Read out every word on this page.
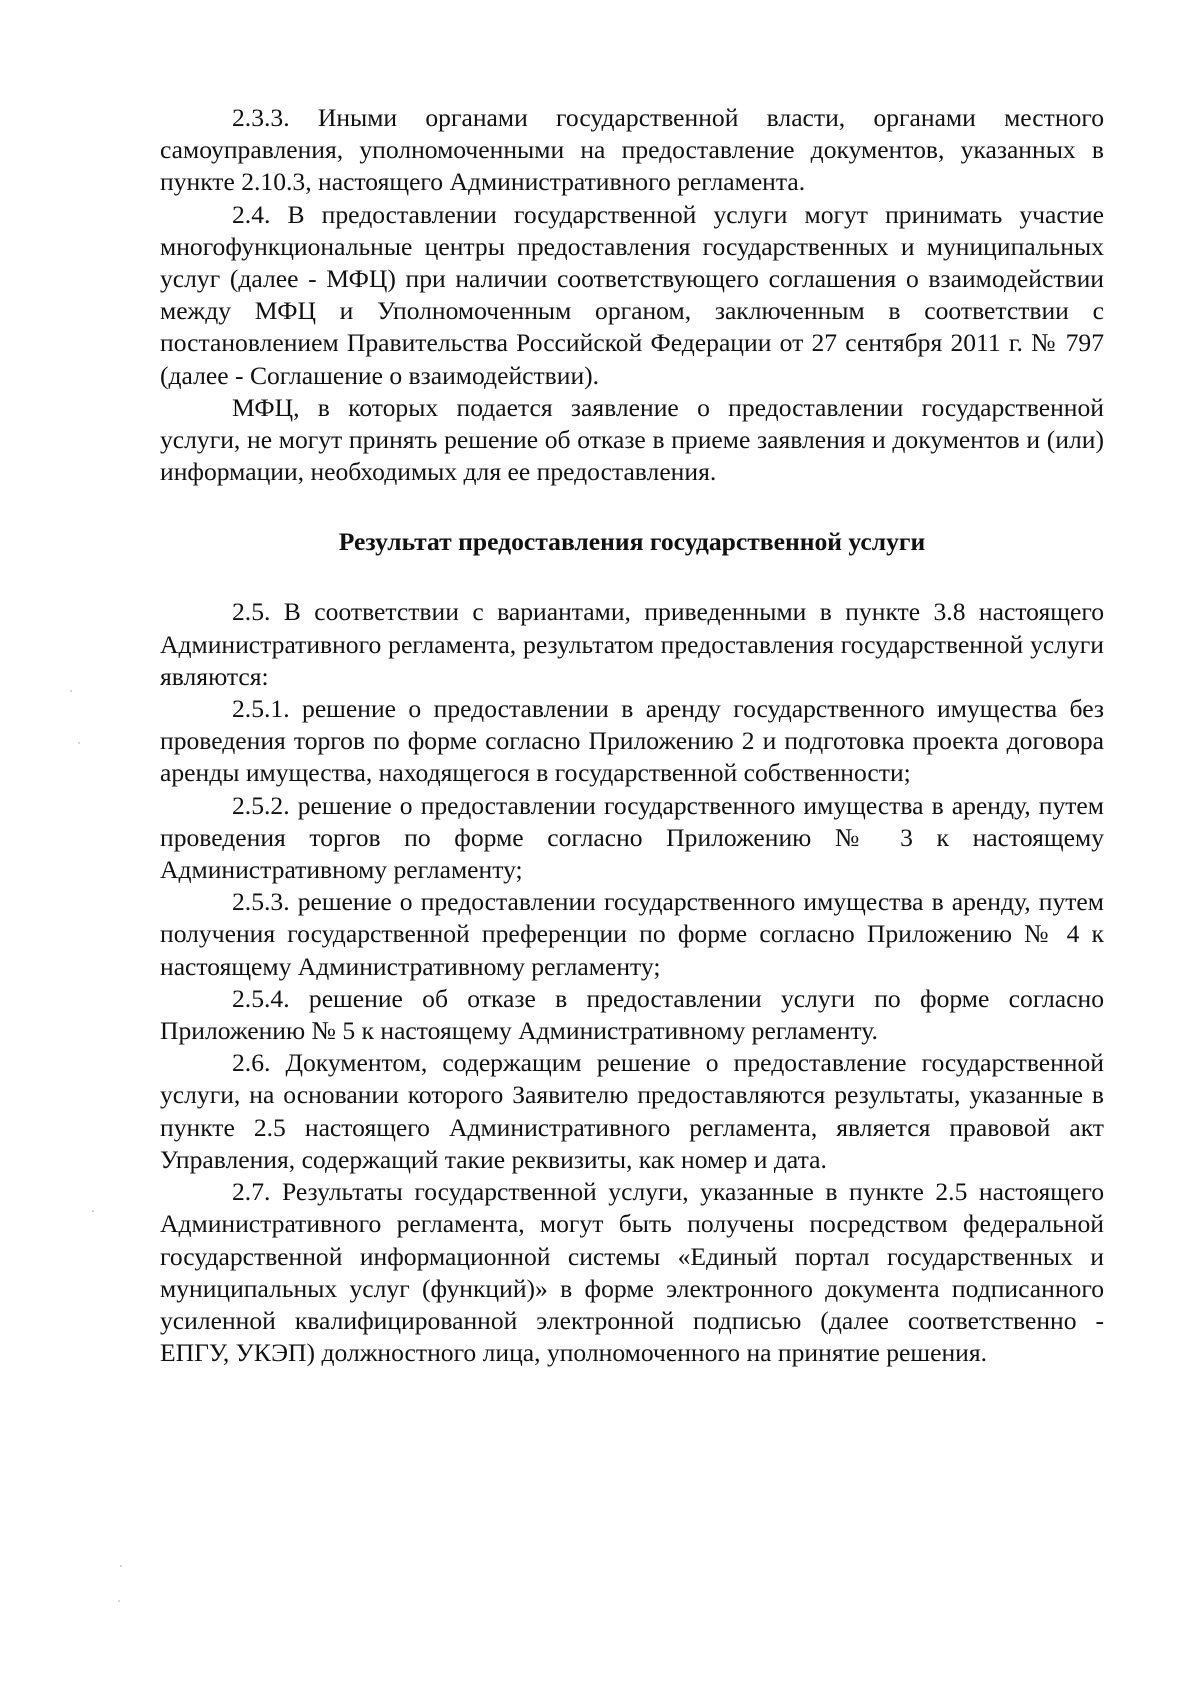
2.3.3. Иными органами государственной власти, органами местного самоуправления, уполномоченными на предоставление документов, указанных в пункте 2.10.3, настоящего Административного регламента.

2.4. В предоставлении государственной услуги могут принимать участие многофункциональные центры предоставления государственных и муниципальных услуг (далее - МФЦ) при наличии соответствующего соглашения о взаимодействии между МФЦ и Уполномоченным органом, заключенным в соответствии с постановлением Правительства Российской Федерации от 27 сентября 2011 г. № 797 (далее - Соглашение о взаимодействии).

МФЦ, в которых подается заявление о предоставлении государственной услуги, не могут принять решение об отказе в приеме заявления и документов и (или) информации, необходимых для ее предоставления.

Результат предоставления государственной услуги

2.5. В соответствии с вариантами, приведенными в пункте 3.8 настоящего Административного регламента, результатом предоставления государственной услуги являются:

2.5.1. решение о предоставлении в аренду государственного имущества без проведения торгов по форме согласно Приложению 2 и подготовка проекта договора аренды имущества, находящегося в государственной собственности;

2.5.2. решение о предоставлении государственного имущества в аренду, путем проведения торгов по форме согласно Приложению № 3 к настоящему Административному регламенту;

2.5.3. решение о предоставлении государственного имущества в аренду, путем получения государственной преференции по форме согласно Приложению № 4 к настоящему Административному регламенту;

2.5.4. решение об отказе в предоставлении услуги по форме согласно Приложению № 5 к настоящему Административному регламенту.

2.6. Документом, содержащим решение о предоставление государственной услуги, на основании которого Заявителю предоставляются результаты, указанные в пункте 2.5 настоящего Административного регламента, является правовой акт Управления, содержащий такие реквизиты, как номер и дата.

2.7. Результаты государственной услуги, указанные в пункте 2.5 настоящего Административного регламента, могут быть получены посредством федеральной государственной информационной системы «Единый портал государственных и муниципальных услуг (функций)» в форме электронного документа подписанного усиленной квалифицированной электронной подписью (далее соответственно - ЕПГУ, УКЭП) должностного лица, уполномоченного на принятие решения.
